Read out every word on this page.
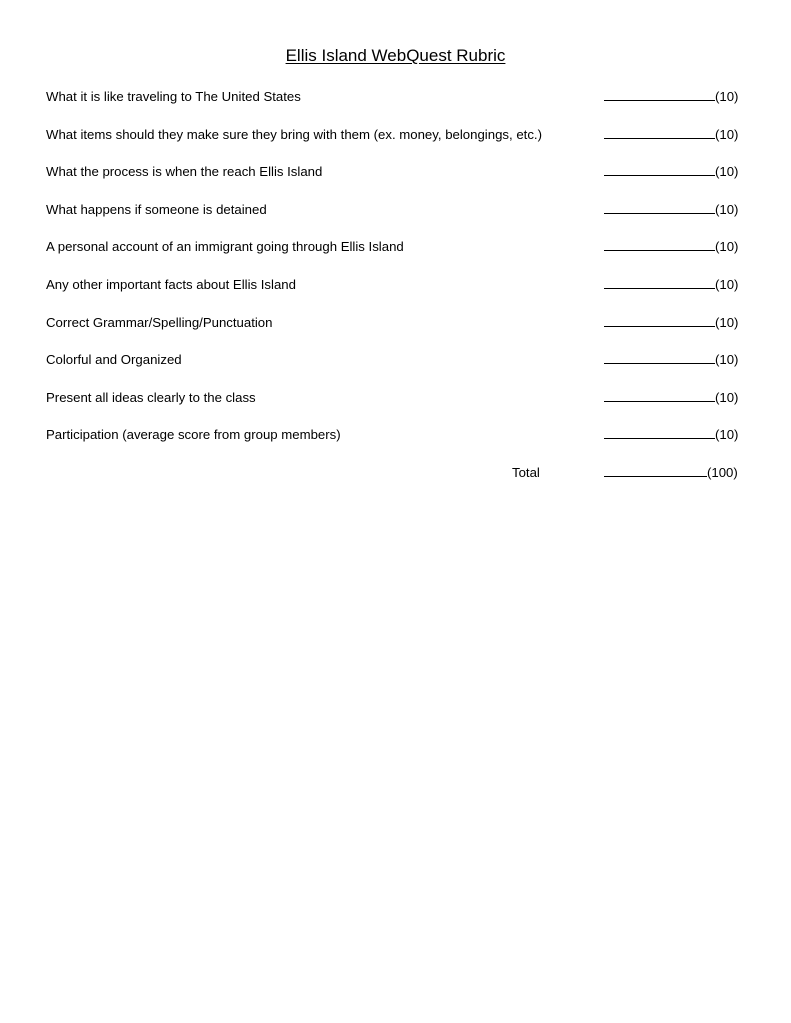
Ellis Island WebQuest Rubric
What it is like traveling to The United States	(10)
What items should they make sure they bring with them (ex. money, belongings, etc.)	(10)
What the process is when the reach Ellis Island	(10)
What happens if someone is detained	(10)
A personal account of an immigrant going through Ellis Island	(10)
Any other important facts about Ellis Island	(10)
Correct Grammar/Spelling/Punctuation	(10)
Colorful and Organized	(10)
Present all ideas clearly to the class	(10)
Participation (average score from group members)	(10)
Total	(100)
